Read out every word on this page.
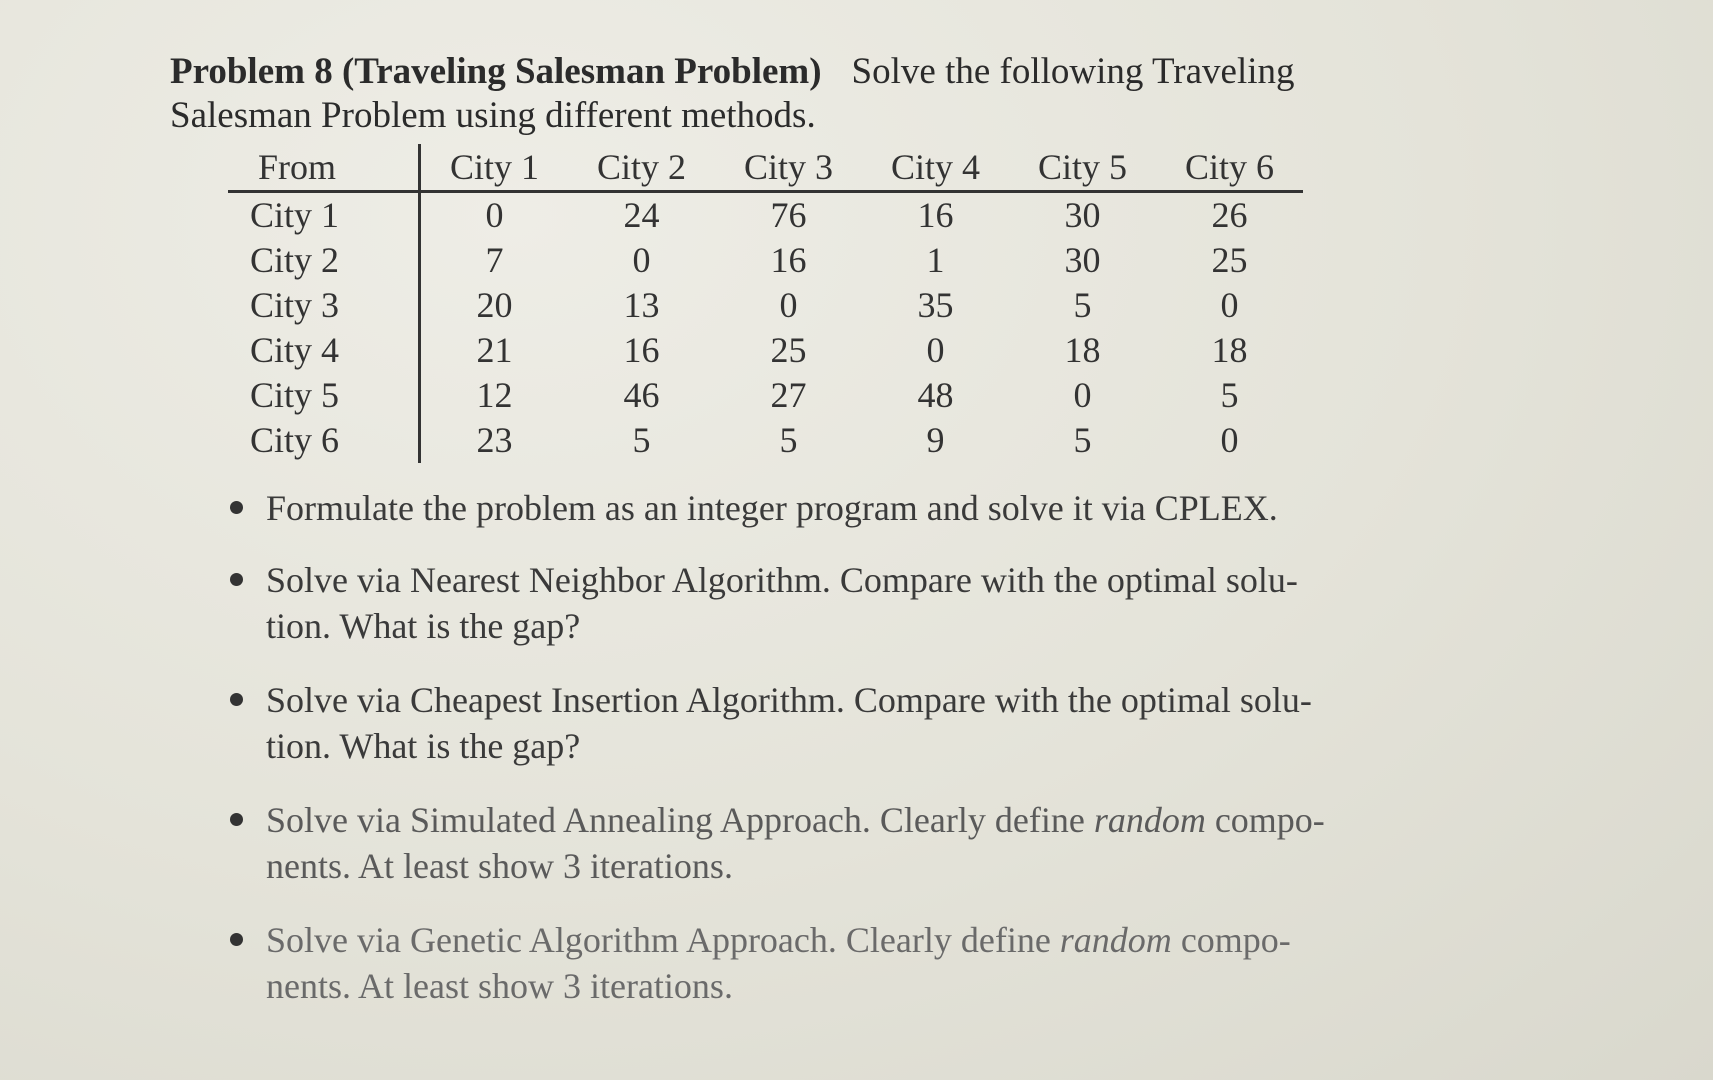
Problem 8 (Traveling Salesman Problem) Solve the following Traveling
Salesman Problem using different methods.
From	City 1	City 2	City 3	City 4	City 5	City 6
City 1	0	24	76	16	30	26
City 2	7	0	16	1	30	25
City 3	20	13	0	35	5	0
City 4	21	16	25	0	18	18
City 5	12	46	27	48	0	5
City 6	23	5	5	9	5	0
Formulate the problem as an integer program and solve it via CPLEX.
Solve via Nearest Neighbor Algorithm. Compare with the optimal solu-
tion. What is the gap?
Solve via Cheapest Insertion Algorithm. Compare with the optimal solu-
tion. What is the gap?
Solve via Simulated Annealing Approach. Clearly define random compo-
nents. At least show 3 iterations.
Solve via Genetic Algorithm Approach. Clearly define random compo-
nents. At least show 3 iterations.
